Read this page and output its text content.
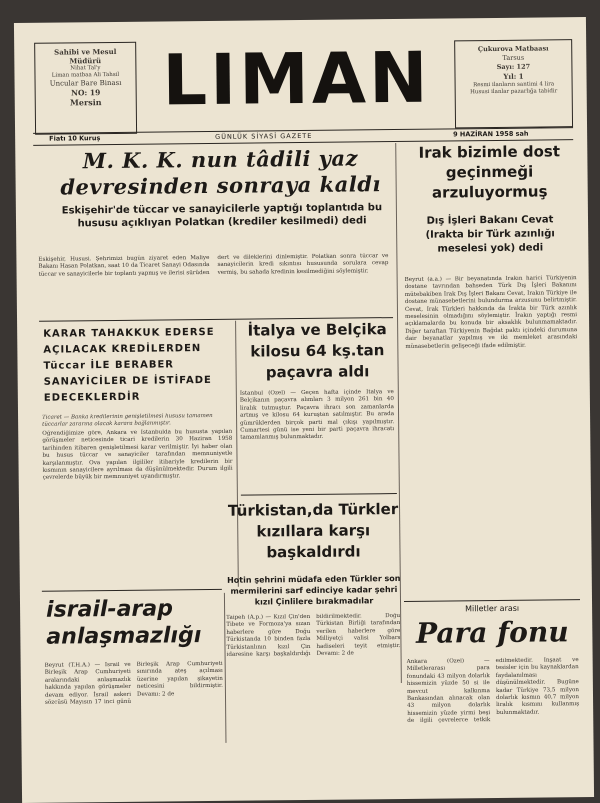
Sahibi ve Mesul
Müdürü
Nihat Tal'y
Liman matbaa Ali Tahsil
Uncular Bare Binası
NO: 19
Mersin LIMAN	Çukurova Matbaası
Tarsus
Sayı: 127
Yıl: 1
Resmi ilanların santimi 4 lira
Hususi ilanlar pazarlığa tabidir
Fiatı 10 Kuruş	GÜNLÜK SİYASİ GAZETE	9 HAZİRAN 1958 sah
M. K. K. nun tâdili yaz devresinden sonraya kaldı
Eskişehir'de tüccar ve sanayicilerle yaptığı toplantıda bu hususu açıklıyan Polatkan (krediler kesilmedi) dedi
Eskişehir, Hususi. Şehrimizi bugün ziyaret eden Maliye Bakanı Hasan Polatkan, saat 10 da Ticaret Sanayi Odasında tüccar ve sanayicilerle bir toplantı yapmış ve ilerisi sürüden dert ve dileklerini dinlemiştir. Polatkan sonra tüccar ve sanayicilerin kredi sıkıntısı hususunda sorulara cevap vermiş, bu sahada kredinin kesilmediğini söylemiştir.
Irak bizimle dost geçinmeği arzuluyormuş
Dış İşleri Bakanı Cevat (Irakta bir Türk azınlığı meselesi yok) dedi
Beyrut (a.a.) — Bir beyanatında Irakın harici Türkiyenin dostane tavrından bahseden Türk Dış İşleri Bakanını mütebakiben Irak Dış İşleri Bakanı Cevat, Irakın Türkiye ile dostane münasebetlerini bulundurma arzusunu belirtmiştir. Cevat, Irak Türkleri hakkında da Irakta bir Türk azınlık meselesinin olmadığını söylemiştir. İrakın yaptığı resmi açıklamalarda bu konuda bir aksaklık bulunmamaktadır. Diğer taraftan Türkiyenin Bağdat paktı içindeki durumuna dair beyanatlar yapılmış ve iki memleket arasındaki münasebetlerin gelişeceği ifade edilmiştir.
KARAR TAHAKKUK EDERSE AÇILACAK KREDİLERDEN Tüccar İLE BERABER SANAYİCİLER DE İSTİFADE EDECEKLERDİR
Ticaret — Banka kredilerinin genişletilmesi hususu tamamen tüccarlar zararına olacak karara bağlanmıştır.
Öğrendiğimize göre, Ankara ve İstanbulda bu hususta yapılan görüşmeler neticesinde ticari kredilerin 30 Haziran 1958 tarihinden itibaren genişletilmesi karar verilmiştir. İyi haber olan bu husus tüccar ve sanayiciler tarafından memnuniyetle karşılanmıştır. Ova yapılan ilgililer itibariyle kredilerin bir kısmının sanayicilere ayrılması da düşünülmektedir. Durum ilgili çevrelerde büyük bir memnuniyet uyandırmıştır.
İtalya ve Belçika kilosu 64 kş.tan paçavra aldı
İstanbul (Özel) — Geçen hafta içinde İtalya ve Belçikanın paçavra alımları 3 milyon 261 bin 40 liralık tutmuştur. Paçavra ihracı son zamanlarda artmış ve kilosu 64 kuruştan satılmıştır. Bu arada gümrüklerden birçok parti mal çıkışı yapılmıştır. Cumartesi günü ise yeni bir parti paçavra ihracatı tamamlanmış bulunmaktadır.
Türkistan,da Türkler kızıllara karşı başkaldırdı
Hotin şehrini müdafa eden Türkler son mermilerini sarf edinciye kadar şehri kızıl Çinlilere bırakmadılar
Taipeh (A.p.) — Kızıl Çin'den Tibete ve Formoza'ya sızan haberlere göre Doğu Türkistanda 10 binden fazla Türkistanlının kızıl Çin idaresine karşı başkaldırdığı bildirilmektedir. Doğu Türkistan Birliği tarafından verilen haberlere göre Milliyetçi valisi Yolbars hadiseleri teyit etmiştir. Devamı: 2 de
israil-arap anlaşmazlığı
Beyrut (T.H.A.) — İsrail ve Birleşik Arap Cumhuriyeti aralarındaki anlaşmazlık hakkında yapılan görüşmeler devam ediyor. İsrail askeri sözcüsü Mayısın 17 inci günü Birleşik Arap Cumhuriyeti sınırında ateş açılması üzerine yapılan şikayetin neticesini bildirmiştir. Devamı: 2 de
Milletler arası
Para fonu
Ankara (Özel) — Milletlerarası para fonundaki 43 milyon dolarlık hissemizin yüzde 50 si ile mevcut kalkınma Bankasından alınacak olan 43 milyon dolarlık hissemizin yüzde yirmi beşi de ilgili çevrelerce tetkik edilmektedir. İnşaat ve tesisler için bu kaynaklardan faydalanılması düşünülmektedir. Bugüne kadar Türkiye 73,5 milyon dolarlık kısmın 40,7 milyon liralık kısmını kullanmış bulunmaktadır.
